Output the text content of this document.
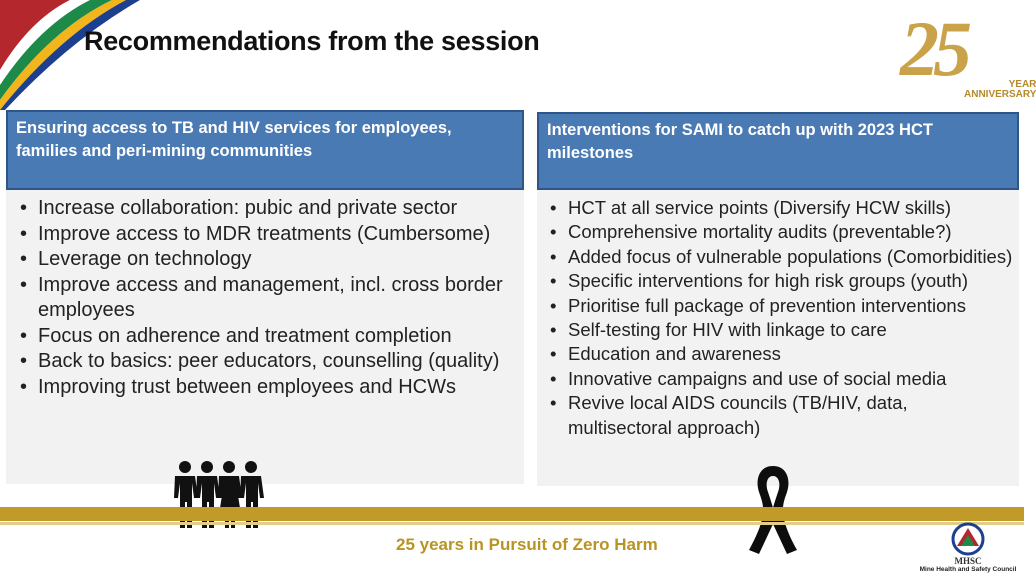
Recommendations from the session	25	YEAR
ANNIVERSARY
Ensuring access to TB and HIV services for employees, families and peri-mining communities
• Increase collaboration: pubic and private sector
• Improve access to MDR treatments (Cumbersome)
• Leverage on technology
• Improve access and management, incl. cross border employees
• Focus on adherence and treatment completion
• Back to basics: peer educators, counselling (quality)
• Improving trust between employees and HCWs
Interventions for SAMI to catch up with 2023 HCT milestones
• HCT at all service points (Diversify HCW skills)
• Comprehensive mortality audits (preventable?)
• Added focus of vulnerable populations (Comorbidities)
• Specific interventions for high risk groups (youth)
• Prioritise full package of prevention interventions
• Self-testing for HIV with linkage to care
• Education and awareness
• Innovative campaigns and use of social media
• Revive local AIDS councils (TB/HIV, data, multisectoral approach)
25 years in Pursuit of Zero Harm
MHSC
Mine Health and Safety Council
